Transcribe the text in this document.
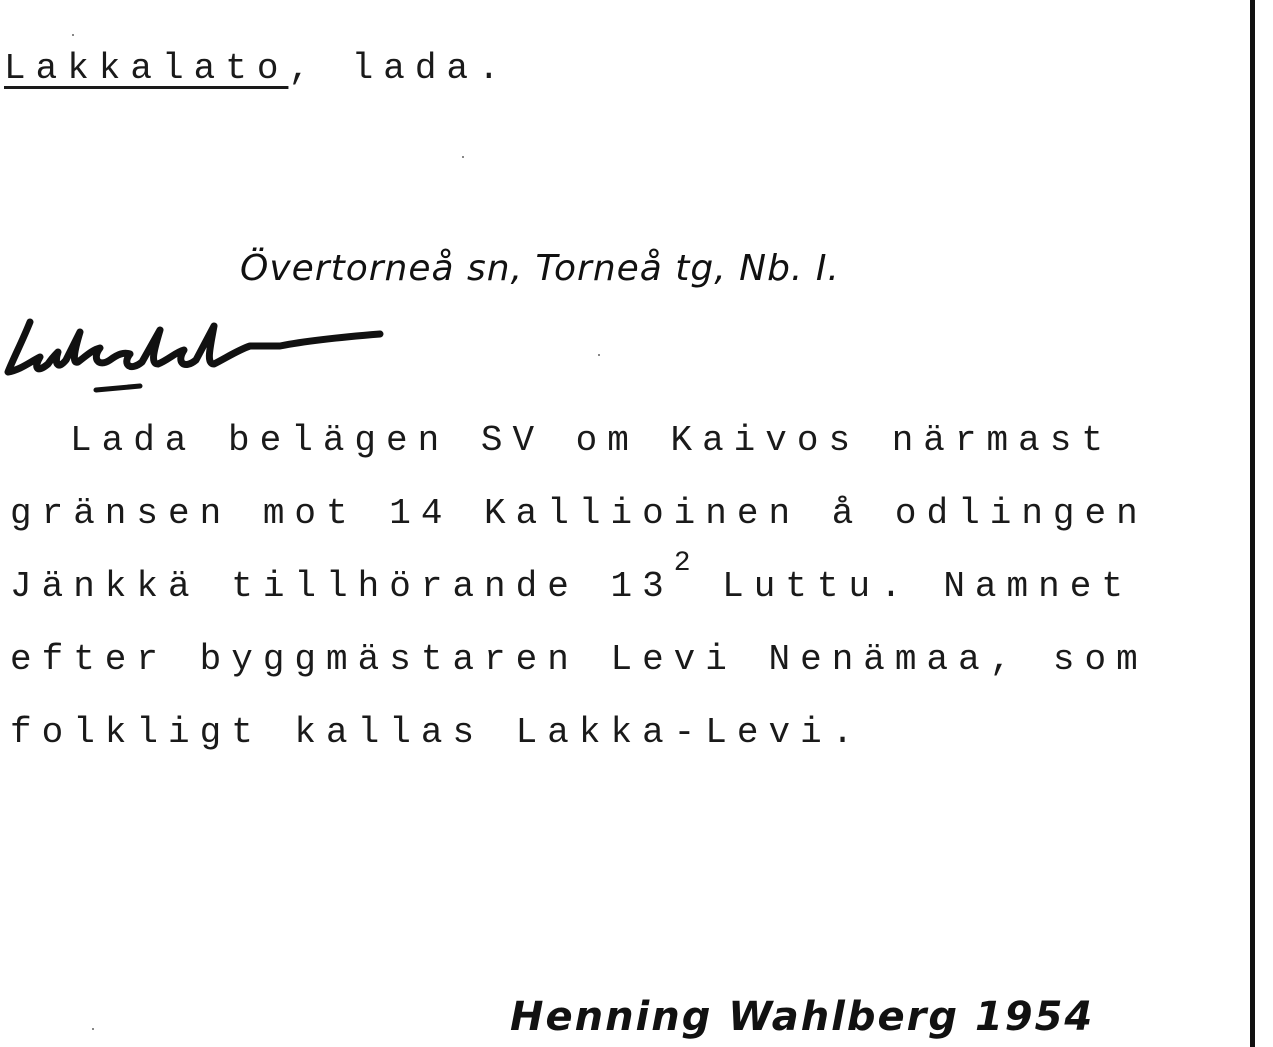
Lakkalato, lada.
Övertorneå sn, Torneå tg, Nb. I.
Lada belägen SV om Kaivos närmast
gränsen mot 14 Kallioinen å odlingen
Jänkkä tillhörande $13^2$ Luttu. Namnet
efter byggmästaren Levi Nenämaa, som
folkligt kallas Lakka-Levi.
Henning Wahlberg 1954
